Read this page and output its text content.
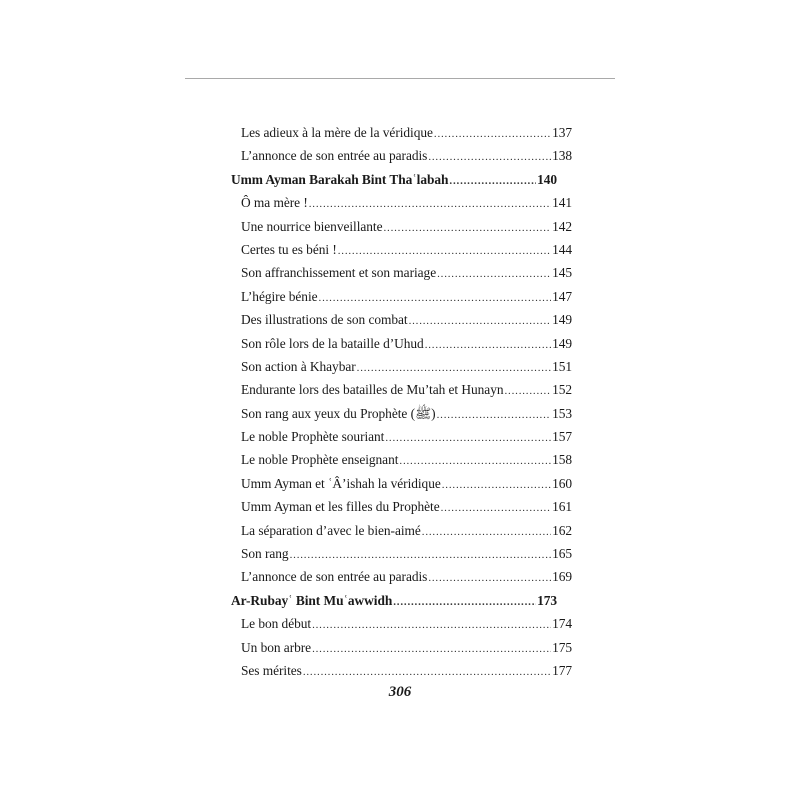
Les adieux à la mère de la véridique .....	137
L’annonce de son entrée au paradis .....	138
Umm Ayman Barakah Bint Thaʿlabah .....	140
Ô ma mère ! .....	141
Une nourrice bienveillante .....	142
Certes tu es béni ! .....	144
Son affranchissement et son mariage .....	145
L’hégire bénie .....	147
Des illustrations de son combat .....	149
Son rôle lors de la bataille d’Uhud .....	149
Son action à Khaybar .....	151
Endurante lors des batailles de Mu’tah et Hunayn .....	152
Son rang aux yeux du Prophète (ﷺ) .....	153
Le noble Prophète souriant .....	157
Le noble Prophète enseignant .....	158
Umm Ayman et ʿÂ’ishah la véridique .....	160
Umm Ayman et les filles du Prophète .....	161
La séparation d’avec le bien-aimé .....	162
Son rang .....	165
L’annonce de son entrée au paradis .....	169
Ar-Rubayʿ Bint Muʿawwidh .....	173
Le bon début .....	174
Un bon arbre .....	175
Ses mérites .....	177
306
